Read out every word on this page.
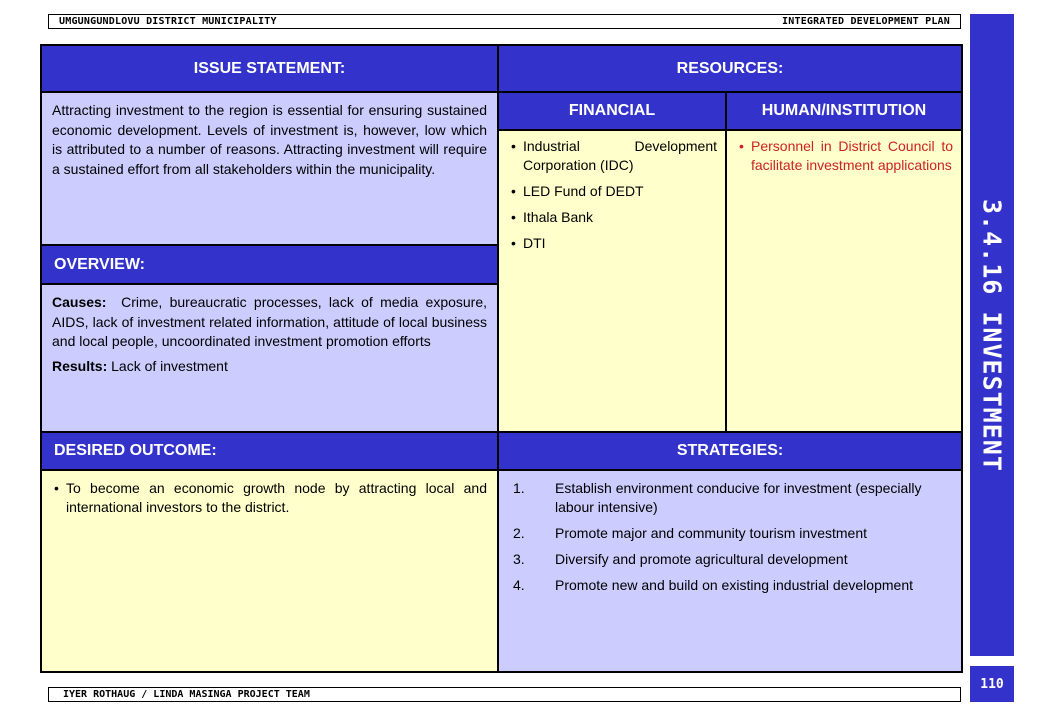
UMGUNGUNDLOVU DISTRICT MUNICIPALITY	INTEGRATED DEVELOPMENT PLAN
ISSUE STATEMENT:	RESOURCES:
Attracting investment to the region is essential for ensuring sustained economic development. Levels of investment is, however, low which is attributed to a number of reasons. Attracting investment will require a sustained effort from all stakeholders within the municipality.
FINANCIAL	HUMAN/INSTITUTION
• Industrial Development Corporation (IDC)
• LED Fund of DEDT
• Ithala Bank
• DTI
• Personnel in District Council to facilitate investment applications
OVERVIEW:
Causes: Crime, bureaucratic processes, lack of media exposure, AIDS, lack of investment related information, attitude of local business and local people, uncoordinated investment promotion efforts
Results: Lack of investment
DESIRED OUTCOME:	STRATEGIES:
• To become an economic growth node by attracting local and international investors to the district.
1. Establish environment conducive for investment (especially labour intensive)
2. Promote major and community tourism investment
3. Diversify and promote agricultural development
4. Promote new and build on existing industrial development
3.4.16 INVESTMENT
110
IYER ROTHAUG / LINDA MASINGA PROJECT TEAM
